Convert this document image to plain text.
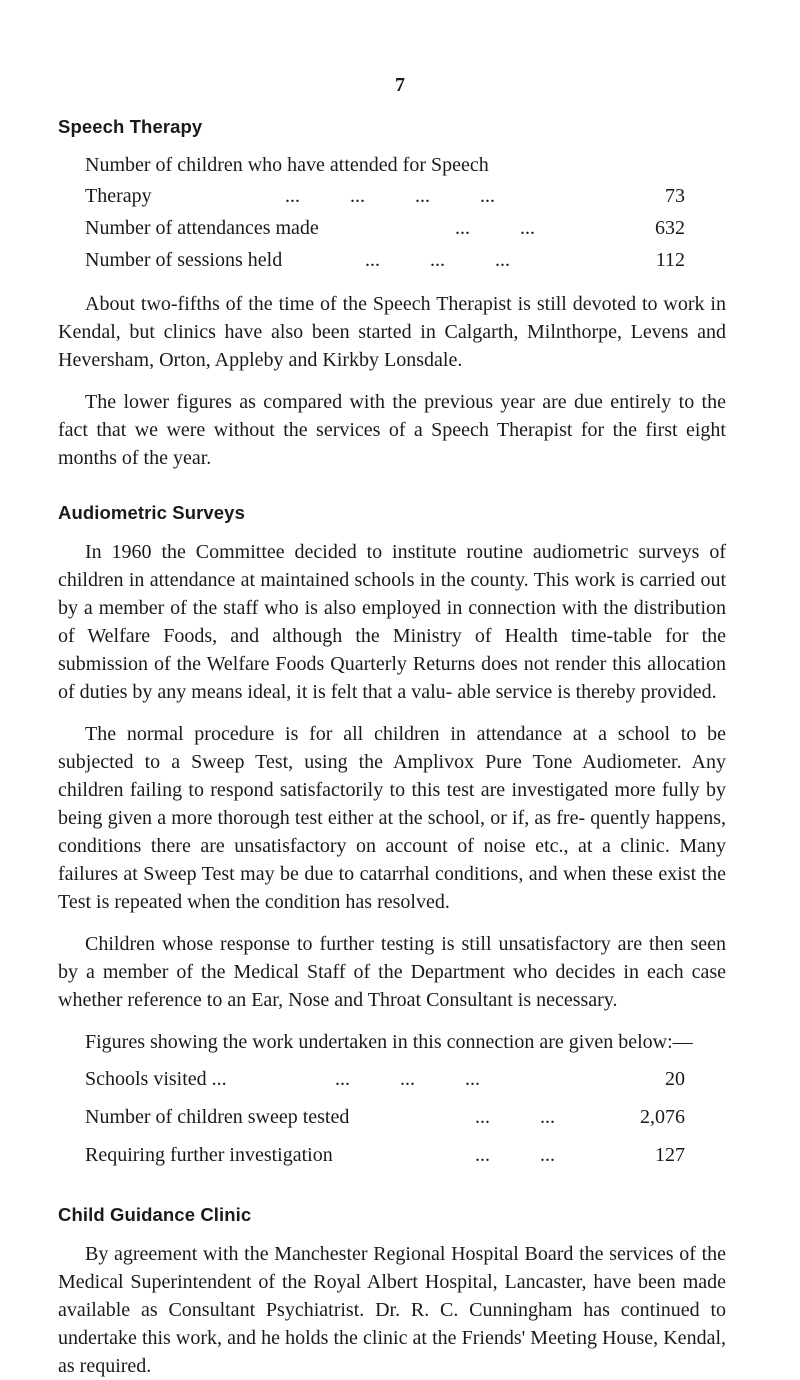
7
Speech Therapy
Number of children who have attended for Speech
Therapy	...          ...          ...          ...	73
Number of attendances made	...          ...	632
Number of sessions held	...          ...          ...	112

About two-fifths of the time of the Speech Therapist is still devoted to work in Kendal, but clinics have also been started in Calgarth, Milnthorpe, Levens and Heversham, Orton, Appleby and Kirkby Lonsdale.

The lower figures as compared with the previous year are due entirely to the fact that we were without the services of a Speech Therapist for the first eight months of the year.

Audiometric Surveys

In 1960 the Committee decided to institute routine audiometric surveys of children in attendance at maintained schools in the county. This work is carried out by a member of the staff who is also employed in connection with the distribution of Welfare Foods, and although the Ministry of Health time-table for the submission of the Welfare Foods Quarterly Returns does not render this allocation of duties by any means ideal, it is felt that a valu- able service is thereby provided.

The normal procedure is for all children in attendance at a school to be subjected to a Sweep Test, using the Amplivox Pure Tone Audiometer. Any children failing to respond satisfactorily to this test are investigated more fully by being given a more thorough test either at the school, or if, as fre- quently happens, conditions there are unsatisfactory on account of noise etc., at a clinic. Many failures at Sweep Test may be due to catarrhal conditions, and when these exist the Test is repeated when the condition has resolved.

Children whose response to further testing is still unsatisfactory are then seen by a member of the Medical Staff of the Department who decides in each case whether reference to an Ear, Nose and Throat Consultant is necessary.

Figures showing the work undertaken in this connection are given below:—

Schools visited ...	...          ...          ...	20
Number of children sweep tested	...          ...	2,076
Requiring further investigation	...          ...	127
Child Guidance Clinic

By agreement with the Manchester Regional Hospital Board the services of the Medical Superintendent of the Royal Albert Hospital, Lancaster, have been made available as Consultant Psychiatrist. Dr. R. C. Cunningham has continued to undertake this work, and he holds the clinic at the Friends' Meeting House, Kendal, as required.
